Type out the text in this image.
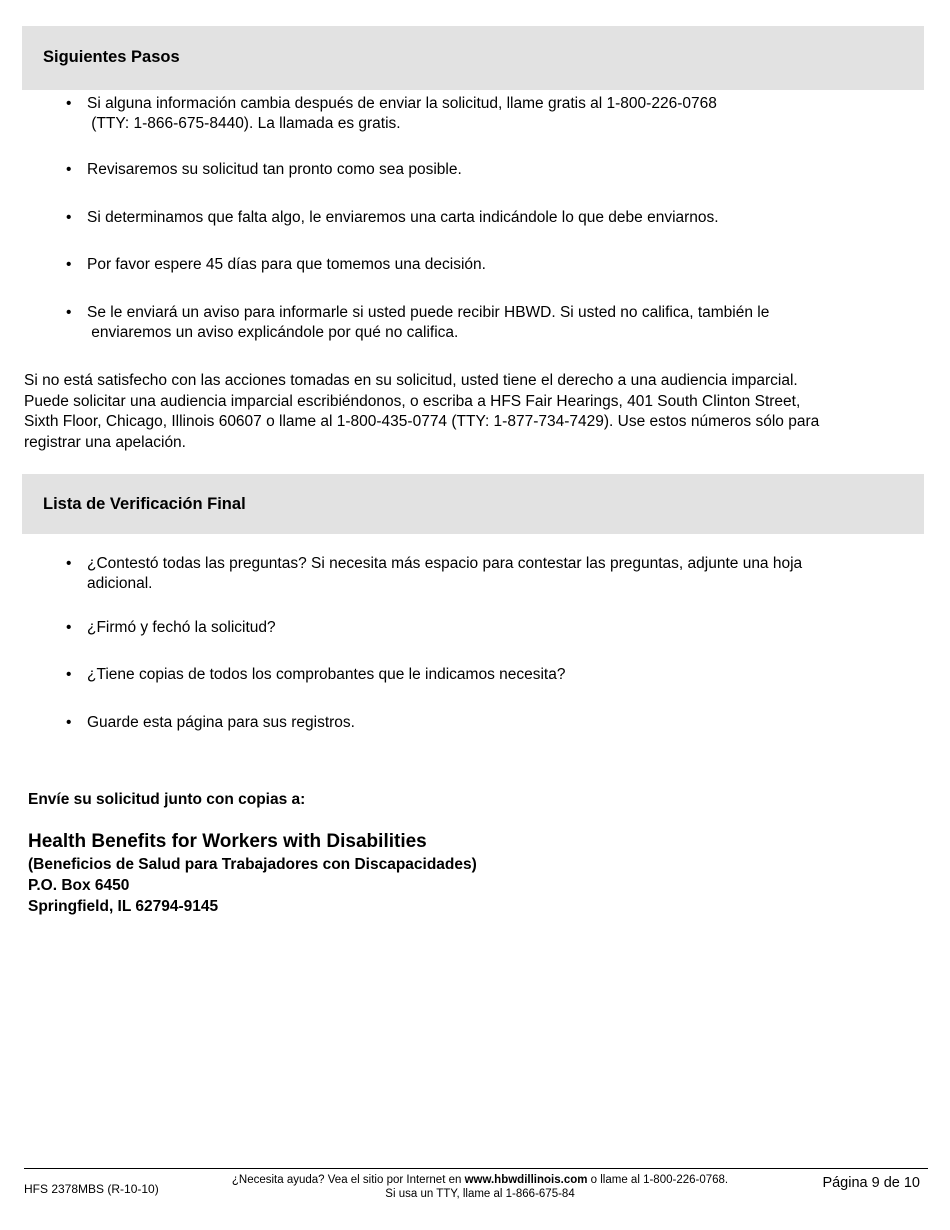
Siguientes Pasos
• Si alguna información cambia después de enviar la solicitud, llame gratis al 1-800-226-0768
(TTY: 1-866-675-8440). La llamada es gratis.
• Revisaremos su solicitud tan pronto como sea posible.
• Si determinamos que falta algo, le enviaremos una carta indicándole lo que debe enviarnos.
• Por favor espere 45 días para que tomemos una decisión.
• Se le enviará un aviso para informarle si usted puede recibir HBWD. Si usted no califica, también le
enviaremos un aviso explicándole por qué no califica.
Si no está satisfecho con las acciones tomadas en su solicitud, usted tiene el derecho a una audiencia imparcial.
Puede solicitar una audiencia imparcial escribiéndonos, o escriba a HFS Fair Hearings, 401 South Clinton Street,
Sixth Floor, Chicago, Illinois 60607 o llame al 1-800-435-0774 (TTY: 1-877-734-7429). Use estos números sólo para
registrar una apelación.
Lista de Verificación Final
• ¿Contestó todas las preguntas? Si necesita más espacio para contestar las preguntas, adjunte una hoja
adicional.
• ¿Firmó y fechó la solicitud?
• ¿Tiene copias de todos los comprobantes que le indicamos necesita?
• Guarde esta página para sus registros.
Envíe su solicitud junto con copias a:
Health Benefits for Workers with Disabilities
(Beneficios de Salud para Trabajadores con Discapacidades)
P.O. Box 6450
Springfield, IL 62794-9145
HFS 2378MBS (R-10-10)
¿Necesita ayuda? Vea el sitio por Internet en www.hbwdillinois.com o llame al 1-800-226-0768.
Si usa un TTY, llame al 1-866-675-84
Página 9 de 10
